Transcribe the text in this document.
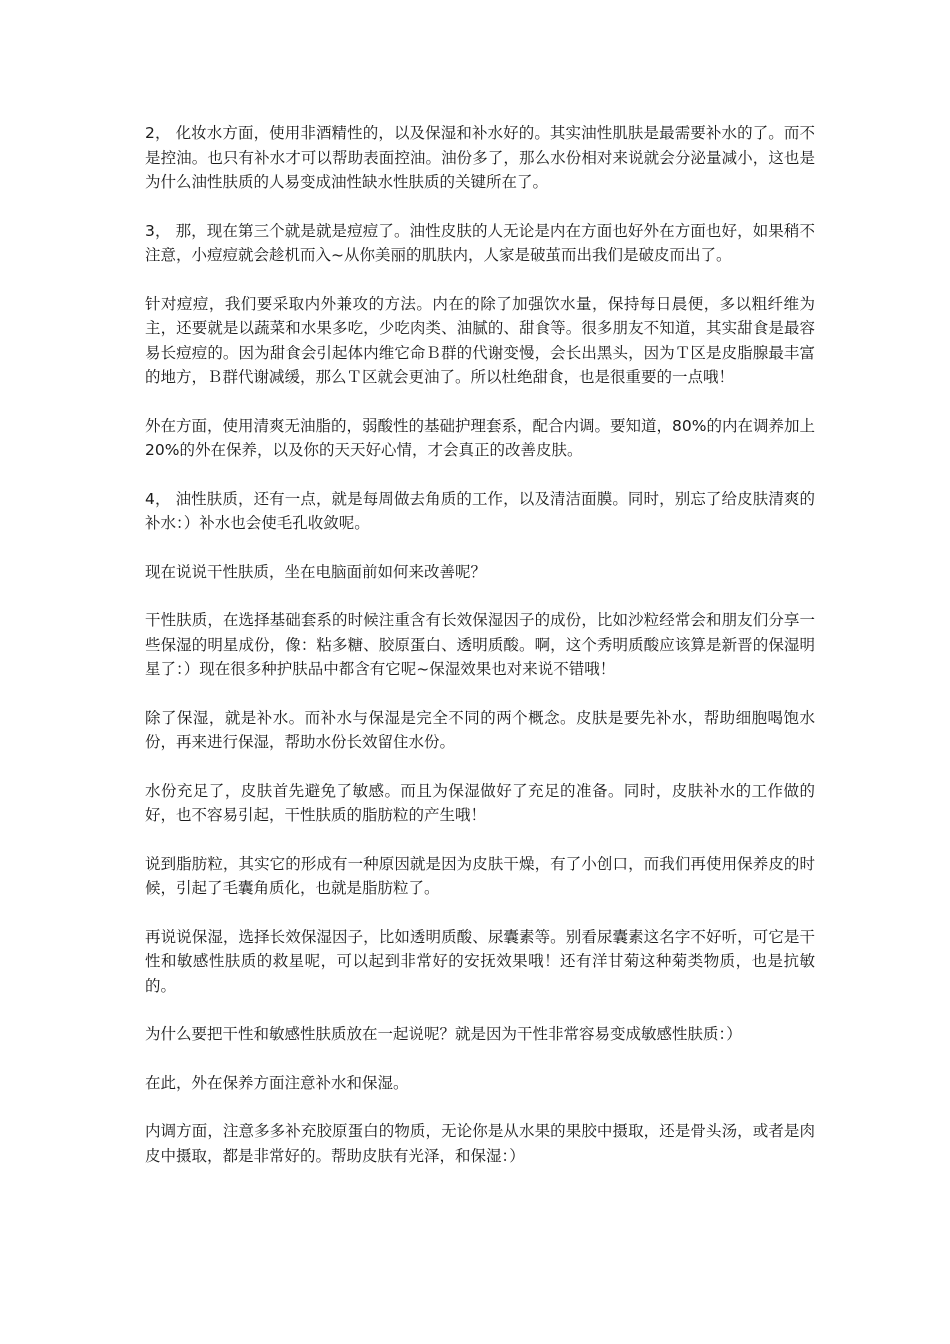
2， 化妆水方面，使用非酒精性的，以及保湿和补水好的。其实油性肌肤是最需要补水的了。而不是控油。也只有补水才可以帮助表面控油。油份多了，那么水份相对来说就会分泌量减小，这也是为什么油性肤质的人易变成油性缺水性肤质的关键所在了。

3， 那，现在第三个就是就是痘痘了。油性皮肤的人无论是内在方面也好外在方面也好，如果稍不注意，小痘痘就会趁机而入~从你美丽的肌肤内，人家是破茧而出我们是破皮而出了。

针对痘痘，我们要采取内外兼攻的方法。内在的除了加强饮水量，保持每日晨便，多以粗纤维为主，还要就是以蔬菜和水果多吃，少吃肉类、油腻的、甜食等。很多朋友不知道，其实甜食是最容易长痘痘的。因为甜食会引起体内维它命Ｂ群的代谢变慢，会长出黑头，因为Ｔ区是皮脂腺最丰富的地方，Ｂ群代谢减缓，那么Ｔ区就会更油了。所以杜绝甜食，也是很重要的一点哦！

外在方面，使用清爽无油脂的，弱酸性的基础护理套系，配合内调。要知道，80%的内在调养加上 20%的外在保养，以及你的天天好心情，才会真正的改善皮肤。

4， 油性肤质，还有一点，就是每周做去角质的工作，以及清洁面膜。同时，别忘了给皮肤清爽的补水：）补水也会使毛孔收敛呢。

现在说说干性肤质，坐在电脑面前如何来改善呢？

干性肤质，在选择基础套系的时候注重含有长效保湿因子的成份，比如沙粒经常会和朋友们分享一些保湿的明星成份，像：粘多糖、胶原蛋白、透明质酸。啊，这个秀明质酸应该算是新晋的保湿明星了：）现在很多种护肤品中都含有它呢~保湿效果也对来说不错哦！

除了保湿，就是补水。而补水与保湿是完全不同的两个概念。皮肤是要先补水，帮助细胞喝饱水份，再来进行保湿，帮助水份长效留住水份。

水份充足了，皮肤首先避免了敏感。而且为保湿做好了充足的准备。同时，皮肤补水的工作做的好，也不容易引起，干性肤质的脂肪粒的产生哦！

说到脂肪粒，其实它的形成有一种原因就是因为皮肤干燥，有了小创口，而我们再使用保养皮的时候，引起了毛囊角质化，也就是脂肪粒了。

再说说保湿，选择长效保湿因子，比如透明质酸、尿囊素等。别看尿囊素这名字不好听，可它是干性和敏感性肤质的救星呢，可以起到非常好的安抚效果哦！还有洋甘菊这种菊类物质，也是抗敏的。

为什么要把干性和敏感性肤质放在一起说呢？就是因为干性非常容易变成敏感性肤质：）

在此，外在保养方面注意补水和保湿。

内调方面，注意多多补充胶原蛋白的物质，无论你是从水果的果胶中摄取，还是骨头汤，或者是肉皮中摄取，都是非常好的。帮助皮肤有光泽，和保湿：）
